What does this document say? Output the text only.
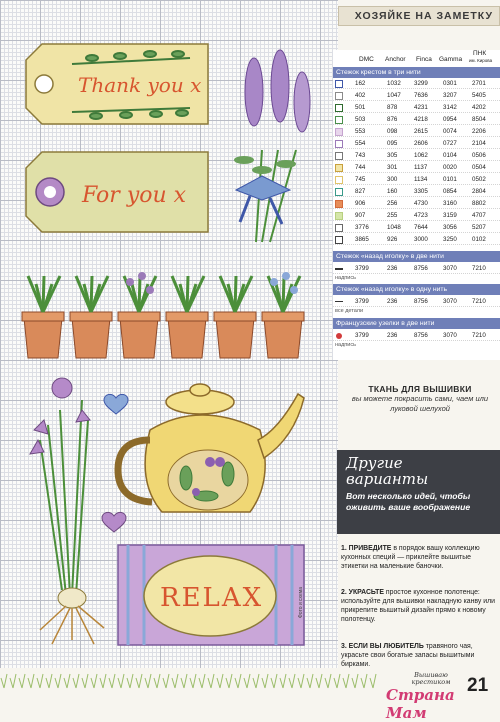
Thank you x
For you x
RELAX
ХОЗЯЙКЕ НА ЗАМЕТКУ
DMC Anchor Finca Gamma
ПНК
им. Кирова
Стежок крестом в три нити
162	1032 3299 0301 2701
402	1047 7636 3207 5405
501	878	4231 3142 4202
503	876	4218 0954 8504
553	098	2615 0074 2206
554	095	2606 0727 2104
743	305	1062 0104 0506
744	301	1137	0020 0504
745	300	1134	0101 0502
827	160	3305 0854 2804
906	256	4730 3160 8802
907	255	4723 3159 4707
3776	1048 7644 3056 5207
3865	926	3000 3250 0102
Стежок «назад иголку» в две нити
3799	236	8756 3070 7210
надпись
Стежок «назад иголку» в одну нить
3799	236	8756 3070 7210
все детали
Французские узелки в две нити
3799	236	8756 3070 7210
надпись
ТКАНЬ ДЛЯ ВЫШИВКИ
вы можете покрасить сами, чаем или луковой шелухой
Другие
варианты
Вот несколько идей, чтобы оживить ваше воображение
1. ПРИВЕДИТЕ в порядок вашу коллекцию кухонных специй — приклейте вышитые этикетки на маленькие баночки.
2. УКРАСЬТЕ простое кухонное полотенце: используйте для вышивки накладную канву или прикрепите вышитый дизайн прямо к новому полотенцу.
3. ЕСЛИ ВЫ ЛЮБИТЕЛЬ травяного чая, украсьте свои богатые запасы вышитыми бирками.
Вышиваю крестиком 21
Страна Мам
Фото и схема
